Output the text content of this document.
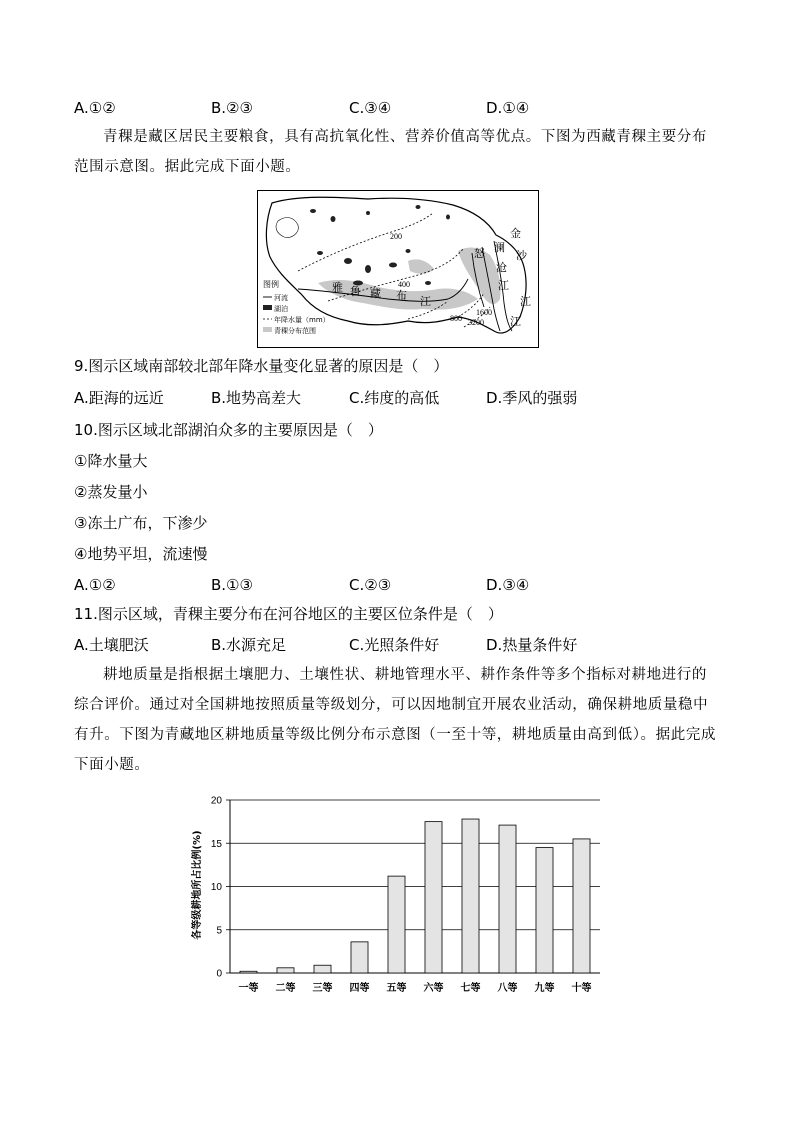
A.①②	B.②③	C.③④	D.①④
青稞是藏区居民主要粮食，具有高抗氧化性、营养价值高等优点。下图为西藏青稞主要分布范围示意图。据此完成下面小题。
200
400
800
1600
3200
雅 鲁 藏 布 江
金
沙
江
澜
沧
江
怒
江
图例
河流
湖泊
年降水量（mm）
青稞分布范围
9.图示区域南部较北部年降水量变化显著的原因是（　）
A.距海的远近	B.地势高差大	C.纬度的高低	D.季风的强弱
10.图示区域北部湖泊众多的主要原因是（　）
①降水量大
②蒸发量小
③冻土广布，下渗少
④地势平坦，流速慢
A.①②	B.①③	C.②③	D.③④
11.图示区域，青稞主要分布在河谷地区的主要区位条件是（　）
A.土壤肥沃	B.水源充足	C.光照条件好	D.热量条件好
耕地质量是指根据土壤肥力、土壤性状、耕地管理水平、耕作条件等多个指标对耕地进行的综合评价。通过对全国耕地按照质量等级划分，可以因地制宜开展农业活动，确保耕地质量稳中有升。下图为青藏地区耕地质量等级比例分布示意图（一至十等，耕地质量由高到低）。据此完成下面小题。
各等级耕地所占比例(%)
0
5
10
15
20
一等 二等 三等 四等 五等 六等 七等 八等 九等 十等
